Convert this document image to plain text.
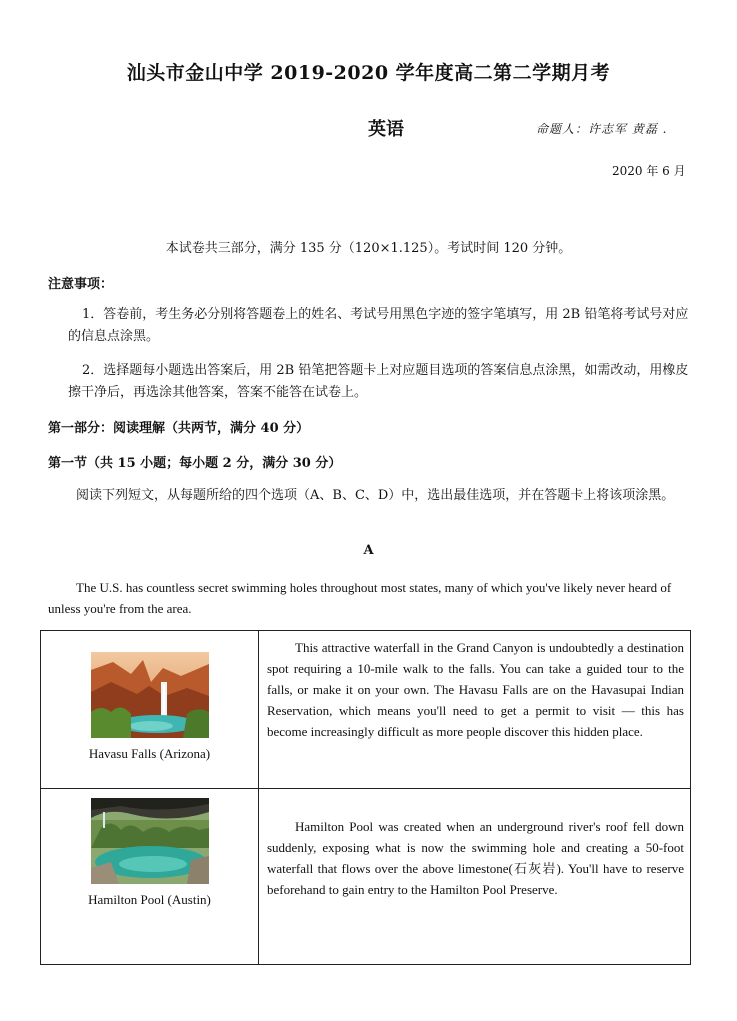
汕头市金山中学 2019-2020 学年度高二第二学期月考
英语	命题人：许志军 黄磊 .
2020 年 6 月
本试卷共三部分，满分 135 分（120×1.125）。考试时间 120 分钟。
注意事项：
1．答卷前，考生务必分别将答题卷上的姓名、考试号用黑色字迹的签字笔填写，用 2B 铅笔将考试号对应的信息点涂黑。
2．选择题每小题选出答案后，用 2B 铅笔把答题卡上对应题目选项的答案信息点涂黑，如需改动，用橡皮擦干净后，再选涂其他答案，答案不能答在试卷上。
第一部分：阅读理解（共两节，满分 40 分）
第一节（共 15 小题；每小题 2 分，满分 30 分）
阅读下列短文，从每题所给的四个选项（A、B、C、D）中，选出最佳选项，并在答题卡上将该项涂黑。
A
The U.S. has countless secret swimming holes throughout most states, many of which you've likely never heard of unless you're from the area.
Havasu Falls (Arizona)	This attractive waterfall in the Grand Canyon is undoubtedly a destination spot requiring a 10-mile walk to the falls. You can take a guided tour to the falls, or make it on your own. The Havasu Falls are on the Havasupai Indian Reservation, which means you'll need to get a permit to visit — this has become increasingly difficult as more people discover this hidden place.

Hamilton Pool (Austin)	Hamilton Pool was created when an underground river's roof fell down suddenly, exposing what is now the swimming hole and creating a 50-foot waterfall that flows over the above limestone(石灰岩). You'll have to reserve beforehand to gain entry to the Hamilton Pool Preserve.
